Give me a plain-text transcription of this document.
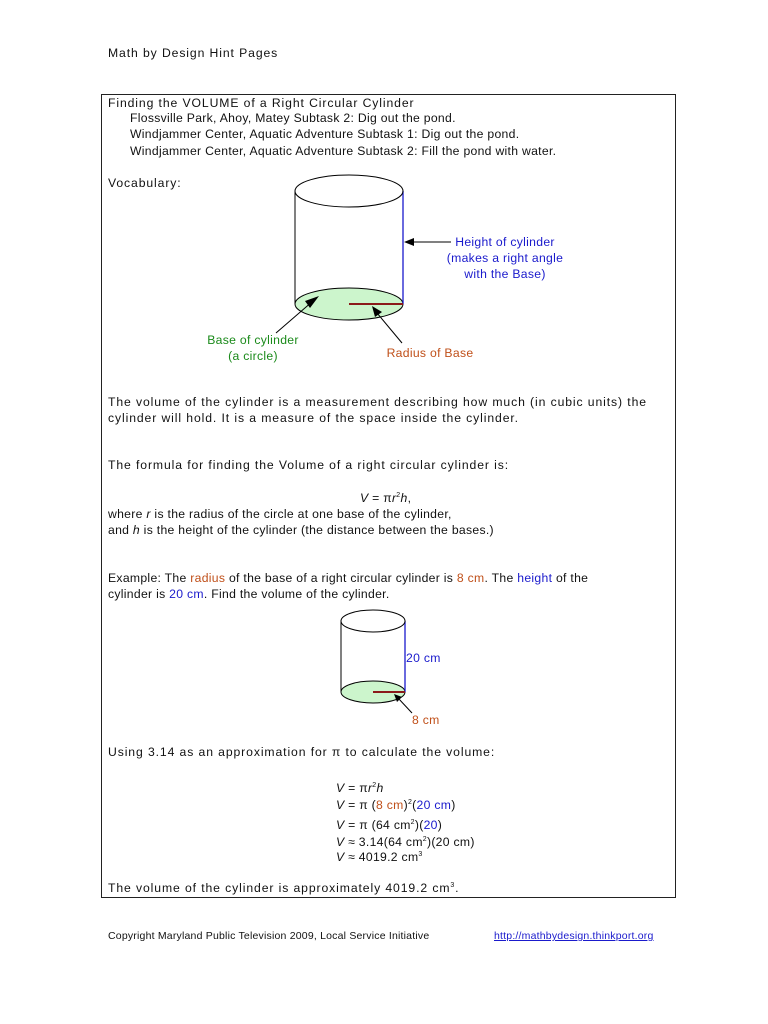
Math by Design Hint Pages
Finding the VOLUME of a Right Circular Cylinder
Flossville Park, Ahoy, Matey Subtask 2: Dig out the pond.
Windjammer Center, Aquatic Adventure Subtask 1: Dig out the pond.
Windjammer Center, Aquatic Adventure Subtask 2: Fill the pond with water.
Vocabulary:
Height of cylinder
(makes a right angle
with the Base)
Base of cylinder
(a circle)	Radius of Base
The volume of the cylinder is a measurement describing how much (in cubic units) the
cylinder will hold. It is a measure of the space inside the cylinder.
The formula for finding the Volume of a right circular cylinder is:
$V = \pi r^2h$,
where r is the radius of the circle at one base of the cylinder,
and h is the height of the cylinder (the distance between the bases.)
Example: The radius of the base of a right circular cylinder is 8 cm. The height of the
cylinder is 20 cm. Find the volume of the cylinder.
20 cm
8 cm
Using 3.14 as an approximation for π to calculate the volume:
$V = \pi r^2h$
V = π (8 cm)$^2$(20 cm)
V = π (64 $cm^2)(20)$
V ≈ 3.14(64 $cm^2)(20$ cm)
V ≈ 4019.2 $cm^3$
The volume of the cylinder is approximately 4019.2 $cm^3$.
Copyright Maryland Public Television 2009, Local Service Initiative	http://mathbydesign.thinkport.org
